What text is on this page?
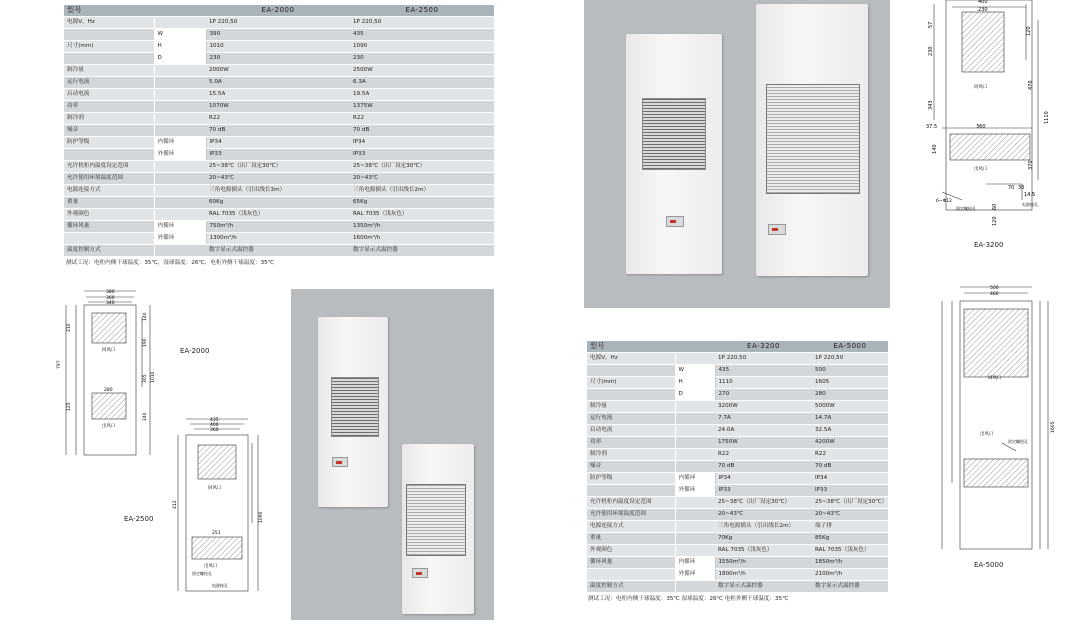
型号		EA-2000	EA-2500
电源V，Hz		1P 220,50	1P 220,50
	W	390	435
尺寸(mm)	H	1010	1090
	D	230	230
制冷量		2000W	2500W
运行电流		5.0A	6.3A
启动电流		15.5A	19.5A
功率		1070W	1375W
制冷剂		R22	R22
噪音		70 dB	70 dB
防护等级	内循环	IP34	IP34
	外循环	IP33	IP33
允许机柜内温度设定范围		25~38℃（出厂设定30℃）	25~38℃（出厂设定30℃）
允许使用环境温度范围		20~43℃	20~43℃
电源连接方式		三角电源插头（引出线长3m）	三角电源插头（引出线长2m）
重量		60Kg	65Kg
外观颜色		RAL 7035（浅灰色）	RAL 7035（浅灰色）
循环风量	内循环	750m³/h	1350m³/h
	外循环	1300m³/h	1600m³/h
温度控制方式		数字显示式温控器	数字显示式温控器
测试工况：电柜内侧干球温度：35℃，湿球温度：26℃，电柜外侧干球温度：35℃
型号		EA-3200	EA-5000
电源V，Hz		1P 220,50	1P 220,50
	W	435	500
尺寸(mm)	H	1110	1605
	D	270	280
制冷量		3200W	5000W
运行电流		7.7A	14.7A
启动电流		24.0A	32.5A
功率		1750W	4200W
制冷剂		R22	R22
噪音		70 dB	70 dB
防护等级	内循环	IP34	IP34
	外循环	IP33	IP33
允许机柜内温度设定范围		25~38℃（出厂设定30℃）	25~38℃（出厂设定30℃）
允许使用环境温度范围		20~43℃	20~43℃
电源连接方式		三角电源插头（引出线长2m）	端子排
重量		70Kg	85Kg
外观颜色		RAL 7035（浅灰色）	RAL 7035（浅灰色）
循环风量	内循环	1550m³/h	1850m³/h
	外循环	1800m³/h	2100m³/h
温度控制方式		数字显示式温控器	数字显示式温控器
测试工况：电柜内侧干球温度：35℃ 湿球温度：26℃ 电柜外侧干球温度：35℃
380
360
340
210
140
190
305 1010
280
125
240
797
回风口
出风口
EA-2000
435
400
360
1090
412
251
回风口
出风口
固定螺栓孔
电源接孔
EA-2500
400
230
57
120
230
470
343
1110
37.5	360
140
370
70 30
14.5
6~Φ12
60
120
回风口
出风口
固定螺栓孔
电源接孔
EA-3200
500
460
1605
回风口
出风口
固定螺栓孔
EA-5000
